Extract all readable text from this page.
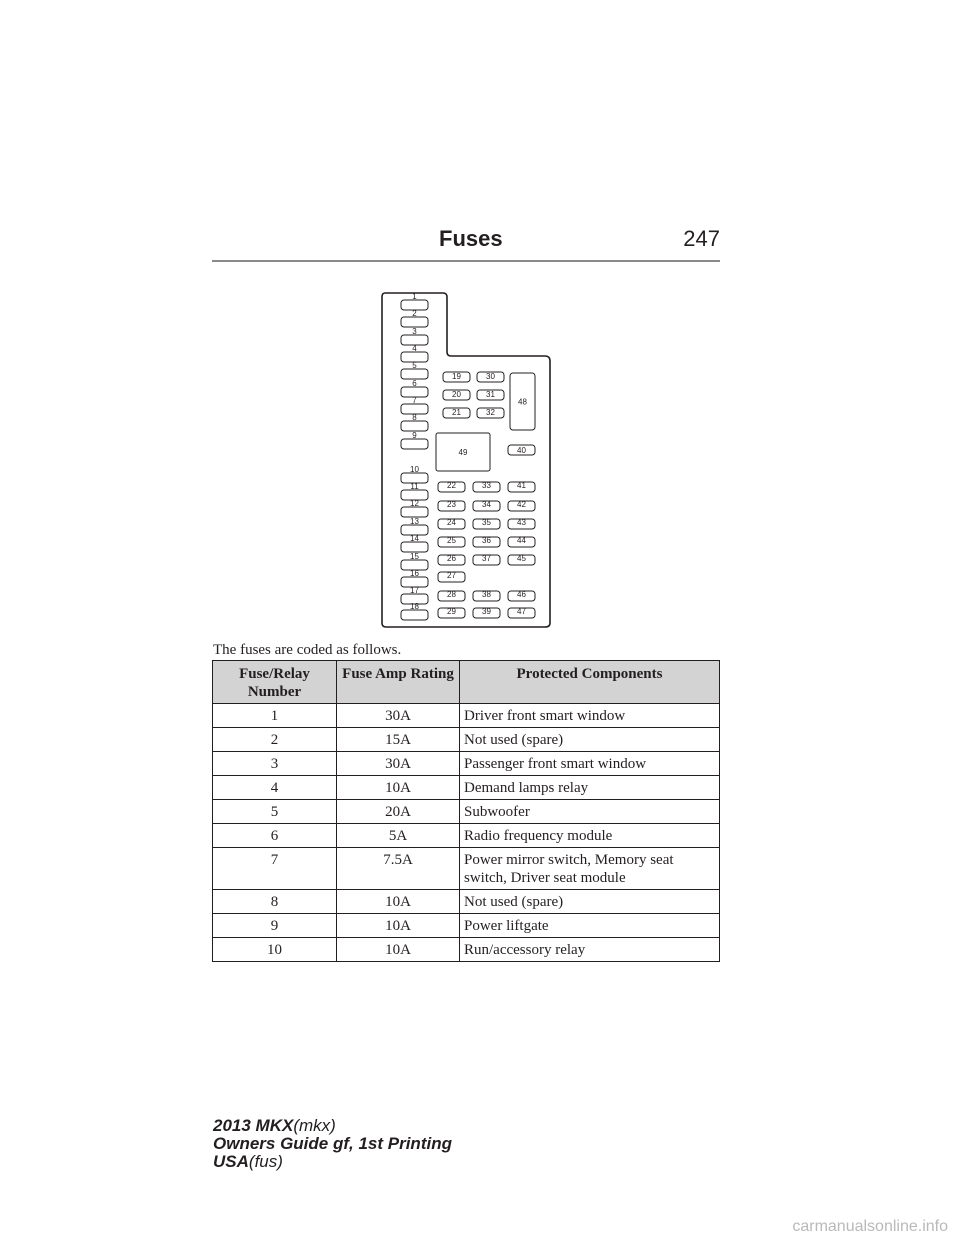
Fuses	247
1
2
3
4
5
6
7
8
9
10
11
12
13
14
15
16
17
18
19
20
21
30
31
32
48
49	40
22
23
24
25
26
27
28
29
33
34
35
36
37
38
39
41
42
43
44
45
46
47
The fuses are coded as follows.
Fuse/Relay Number	Fuse Amp Rating	Protected Components
1	30A	Driver front smart window
2	15A	Not used (spare)
3	30A	Passenger front smart window
4	10A	Demand lamps relay
5	20A	Subwoofer
6	5A	Radio frequency module
7	7.5A	Power mirror switch, Memory seat switch, Driver seat module
8	10A	Not used (spare)
9	10A	Power liftgate
10	10A	Run/accessory relay
2013 MKX(mkx)
Owners Guide gf, 1st Printing
USA(fus)
carmanualsonline.info
